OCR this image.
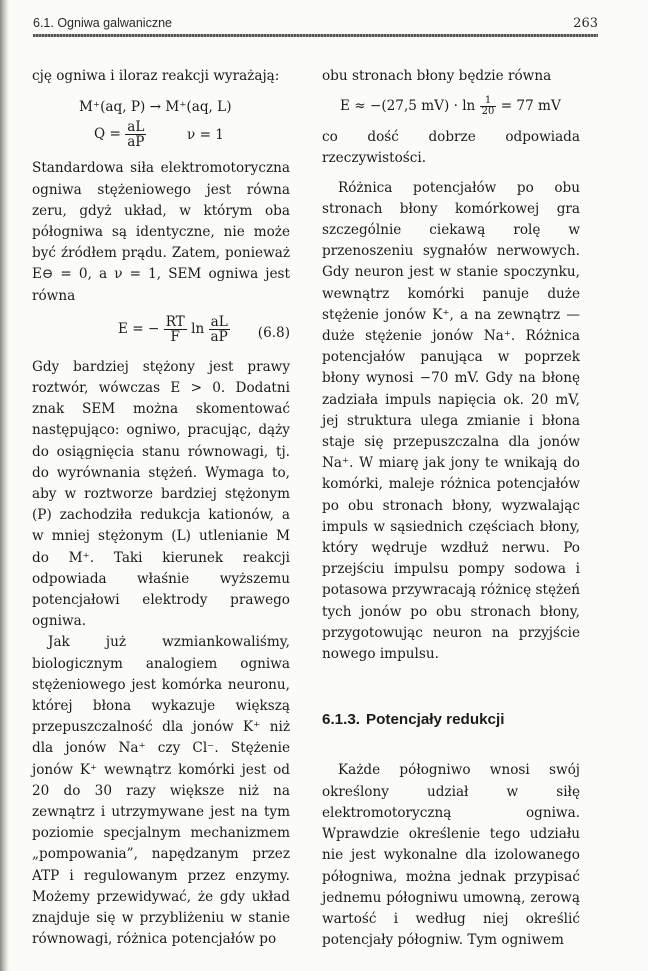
6.1. Ogniwa galwaniczne	263

cję ogniwa i iloraz reakcji wyrażają:

M⁺(aq, P) → M⁺(aq, L)
$Q = \frac{aL}{aP}$	ν = 1

Standardowa siła elektromotoryczna ogniwa stężeniowego jest równa zeru, gdyż układ, w którym oba półogniwa są identyczne, nie może być źródłem prądu. Zatem, ponieważ E⊖ = 0, a ν = 1, SEM ogniwa jest równa

E = − $\frac{RT}{F}$ $\ln \frac{aL}{aP} (6.8)$

Gdy bardziej stężony jest prawy roztwór, wówczas E > 0. Dodatni znak SEM można skomentować następująco: ogniwo, pracując, dąży do osiągnięcia stanu równowagi, tj. do wyrównania stężeń. Wymaga to, aby w roztworze bardziej stężonym (P) zachodziła redukcja kationów, a w mniej stężonym (L) utlenianie M do M⁺. Taki kierunek reakcji odpowiada właśnie wyższemu potencjałowi elektrody prawego ogniwa.

Jak już wzmiankowaliśmy, biologicznym analogiem ogniwa stężeniowego jest komórka neuronu, której błona wykazuje większą przepuszczalność dla jonów K⁺ niż dla jonów Na⁺ czy Cl⁻. Stężenie jonów K⁺ wewnątrz komórki jest od 20 do 30 razy większe niż na zewnątrz i utrzymywane jest na tym poziomie specjalnym mechanizmem „pompowania”, napędzanym przez ATP i regulowanym przez enzymy. Możemy przewidywać, że gdy układ znajduje się w przybliżeniu w stanie równowagi, różnica potencjałów po

obu stronach błony będzie równa

E ≈ −(27,5 $mV) \cdot \ln \frac{1}{20} = 77$ mV

co dość dobrze odpowiada rzeczywistości.

Różnica potencjałów po obu stronach błony komórkowej gra szczególnie ciekawą rolę w przenoszeniu sygnałów nerwowych. Gdy neuron jest w stanie spoczynku, wewnątrz komórki panuje duże stężenie jonów K⁺, a na zewnątrz — duże stężenie jonów Na⁺. Różnica potencjałów panująca w poprzek błony wynosi −70 mV. Gdy na błonę zadziała impuls napięcia ok. 20 mV, jej struktura ulega zmianie i błona staje się przepuszczalna dla jonów Na⁺. W miarę jak jony te wnikają do komórki, maleje różnica potencjałów po obu stronach błony, wyzwalając impuls w sąsiednich częściach błony, który wędruje wzdłuż nerwu. Po przejściu impulsu pompy sodowa i potasowa przywracają różnicę stężeń tych jonów po obu stronach błony, przygotowując neuron na przyjście nowego impulsu.

6.1.3. Potencjały redukcji

Każde półogniwo wnosi swój określony udział w siłę elektromotoryczną ogniwa. Wprawdzie określenie tego udziału nie jest wykonalne dla izolowanego półogniwa, można jednak przypisać jednemu półogniwu umowną, zerową wartość i według niej określić potencjały półogniw. Tym ogniwem
